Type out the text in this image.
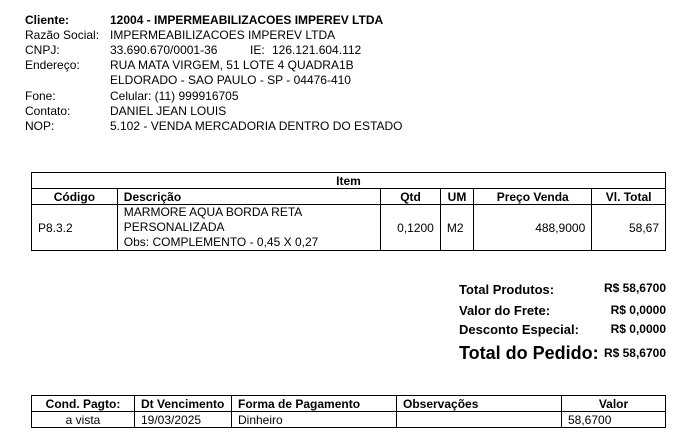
Cliente:	12004 - IMPERMEABILIZACOES IMPEREV LTDA
Razão Social: IMPERMEABILIZACOES IMPEREV LTDA
CNPJ:	33.690.670/0001-36	IE: 126.121.604.112
Endereço:	RUA MATA VIRGEM, 51 LOTE 4 QUADRA1B
ELDORADO - SAO PAULO - SP - 04476-410
Fone:	Celular: (11) 999916705
Contato:	DANIEL JEAN LOUIS
NOP:	5.102 - VENDA MERCADORIA DENTRO DO ESTADO
Item					
Código	Descrição	Qtd	UM	Preço Venda	Vl. Total
P8.3.2	MARMORE AQUA BORDA RETA
PERSONALIZADA
Obs: COMPLEMENTO - 0,45 X 0,27	0,1200	M2	488,9000	58,67
Total Produtos:	R$ 58,6700
Valor do Frete:	R$ 0,0000
Desconto Especial:	R$ 0,0000
Total do Pedido: R$ 58,6700
Cond. Pagto:	Dt Vencimento	Forma de Pagamento	Observações	Valor
a vista	19/03/2025	Dinheiro		58,6700
